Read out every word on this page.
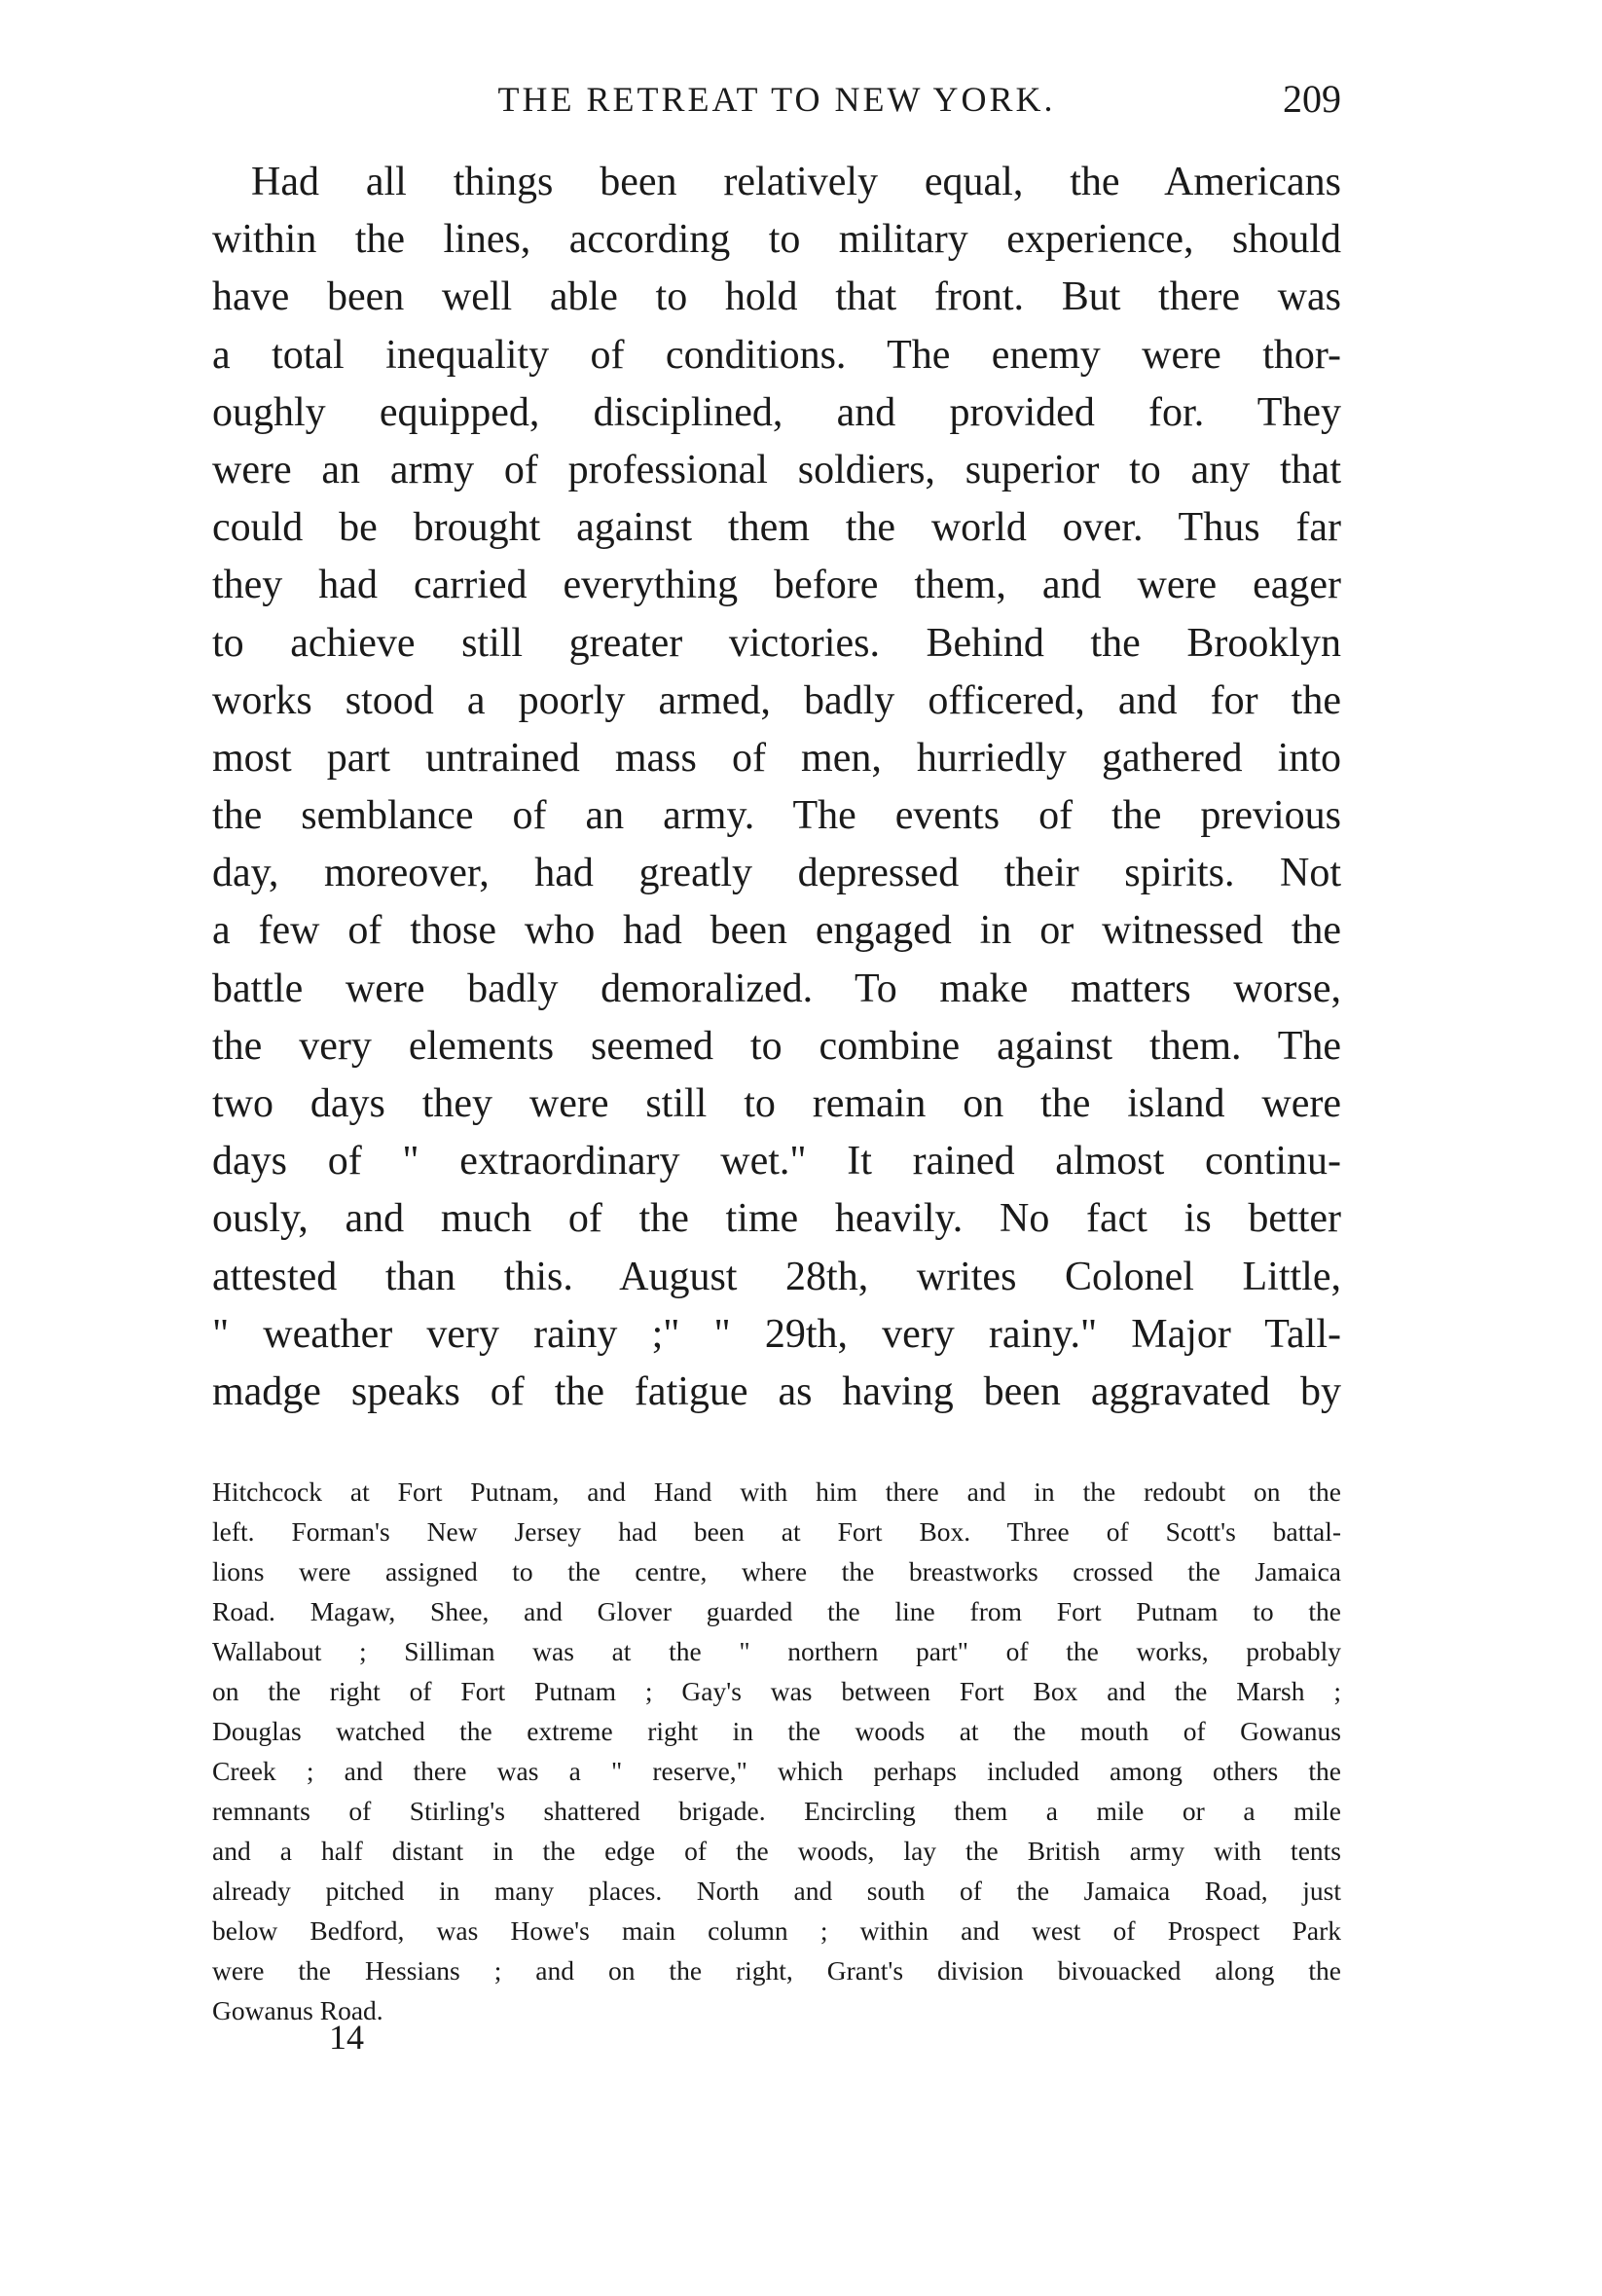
THE RETREAT TO NEW YORK.	209
Had all things been relatively equal, the Americans
within the lines, according to military experience, should
have been well able to hold that front. But there was
a total inequality of conditions. The enemy were thor-
oughly equipped, disciplined, and provided for. They
were an army of professional soldiers, superior to any that
could be brought against them the world over. Thus far
they had carried everything before them, and were eager
to achieve still greater victories. Behind the Brooklyn
works stood a poorly armed, badly officered, and for the
most part untrained mass of men, hurriedly gathered into
the semblance of an army. The events of the previous
day, moreover, had greatly depressed their spirits. Not
a few of those who had been engaged in or witnessed the
battle were badly demoralized. To make matters worse,
the very elements seemed to combine against them. The
two days they were still to remain on the island were
days of " extraordinary wet." It rained almost continu-
ously, and much of the time heavily. No fact is better
attested than this. August 28th, writes Colonel Little,
" weather very rainy ;" " 29th, very rainy." Major Tall-
madge speaks of the fatigue as having been aggravated by
Hitchcock at Fort Putnam, and Hand with him there and in the redoubt on the
left. Forman's New Jersey had been at Fort Box. Three of Scott's battal-
lions were assigned to the centre, where the breastworks crossed the Jamaica
Road. Magaw, Shee, and Glover guarded the line from Fort Putnam to the
Wallabout ; Silliman was at the " northern part" of the works, probably
on the right of Fort Putnam ; Gay's was between Fort Box and the Marsh ;
Douglas watched the extreme right in the woods at the mouth of Gowanus
Creek ; and there was a " reserve," which perhaps included among others the
remnants of Stirling's shattered brigade. Encircling them a mile or a mile
and a half distant in the edge of the woods, lay the British army with tents
already pitched in many places. North and south of the Jamaica Road, just
below Bedford, was Howe's main column ; within and west of Prospect Park
were the Hessians ; and on the right, Grant's division bivouacked along the
Gowanus Road.
14
